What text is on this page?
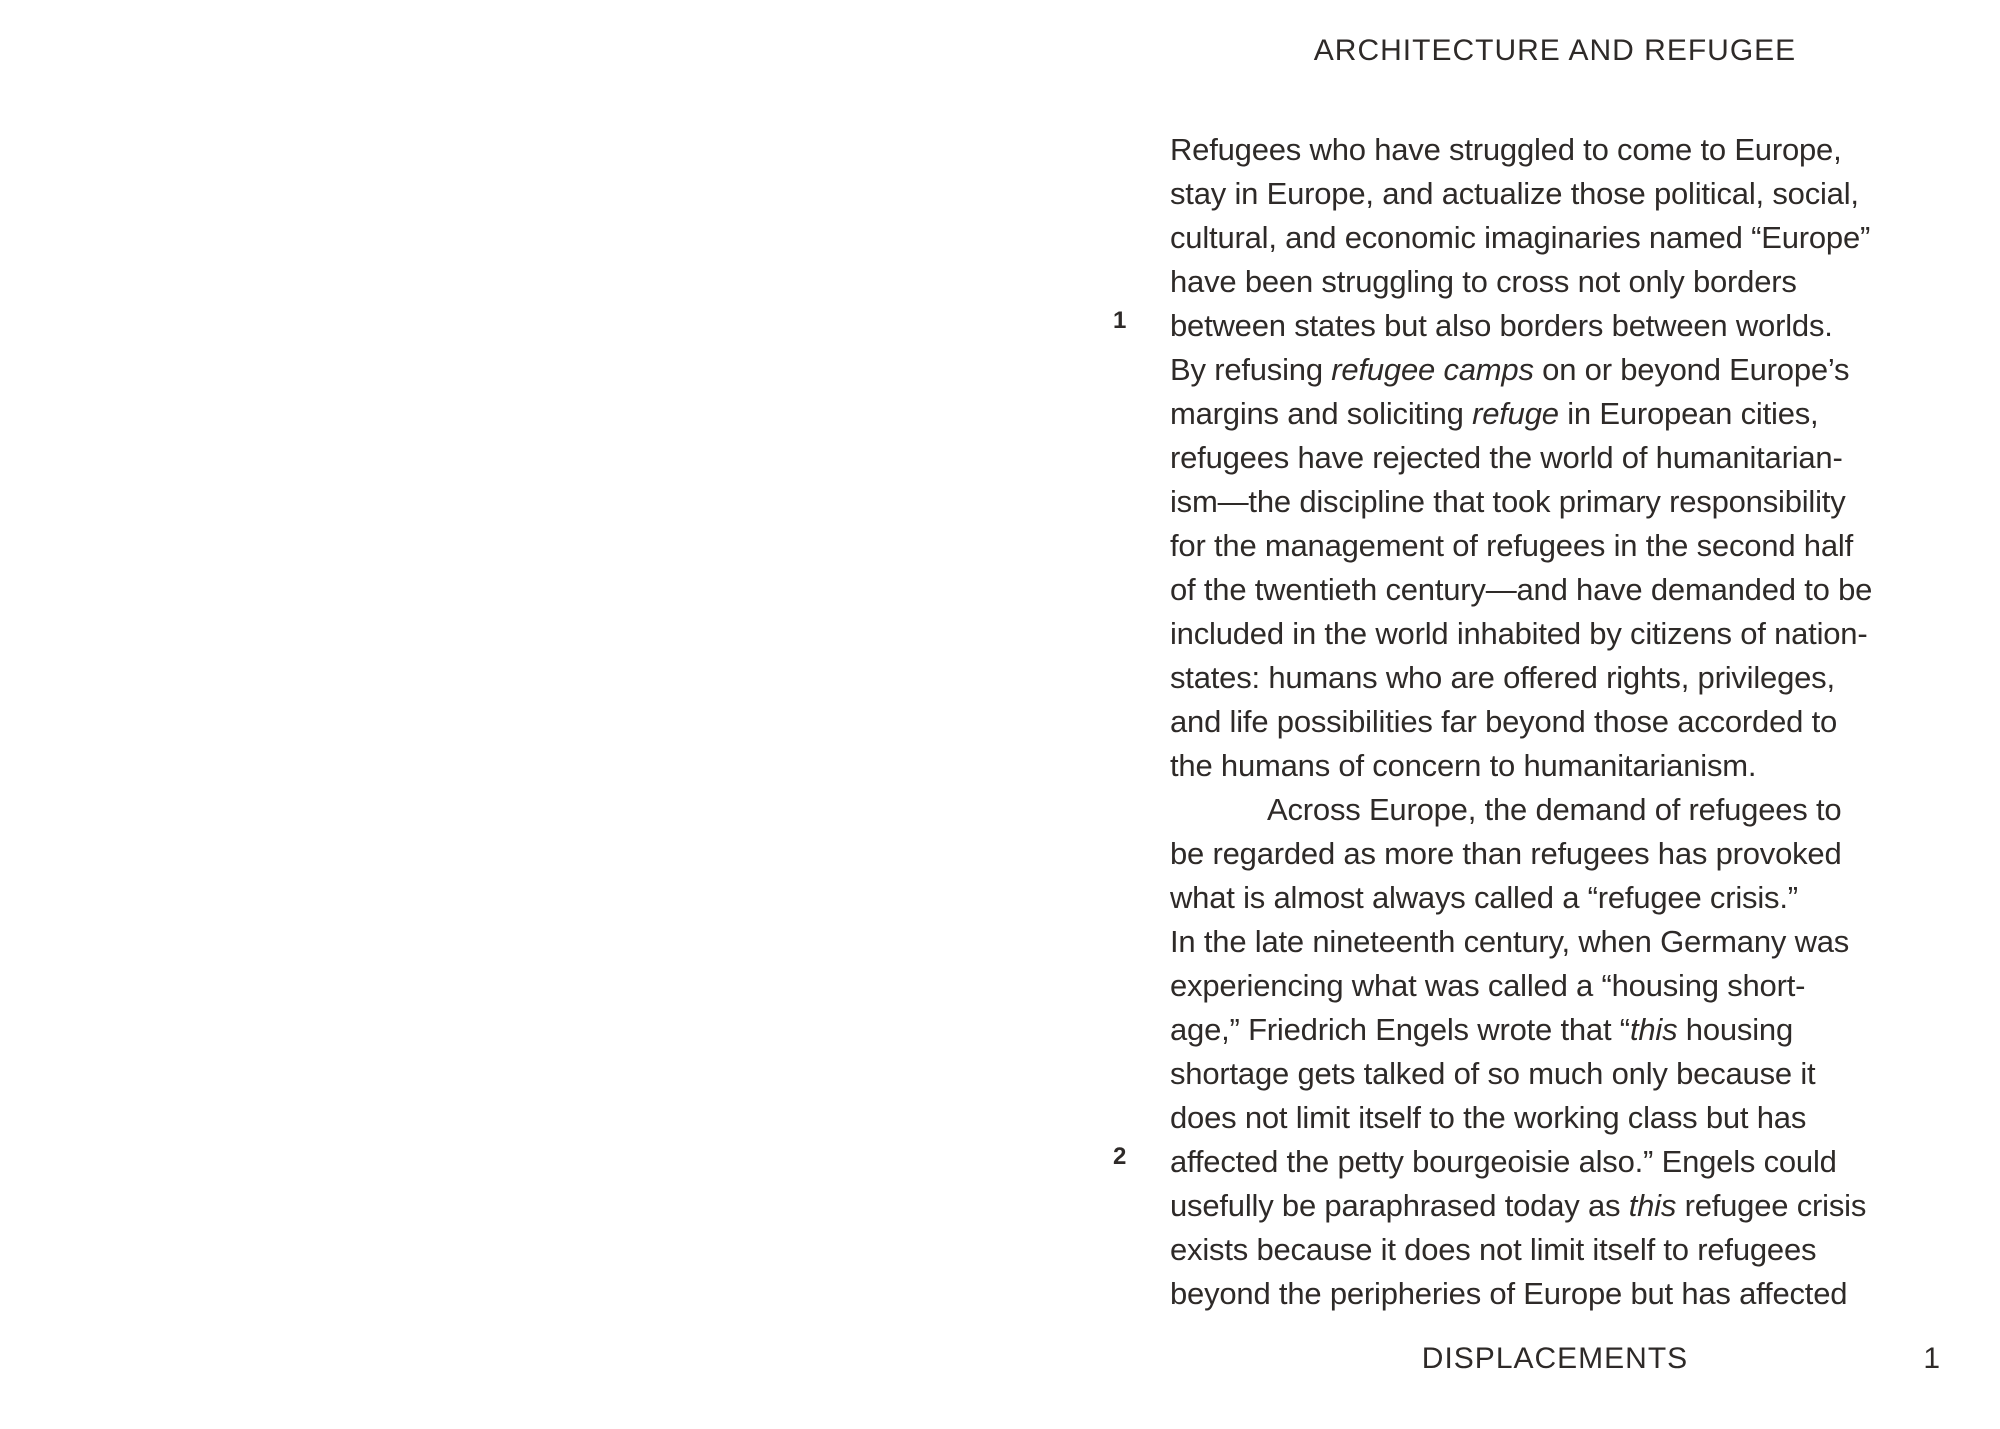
ARCHITECTURE AND REFUGEE
Refugees who have struggled to come to Europe,
stay in Europe, and actualize those political, social,
cultural, and economic imaginaries named “Europe”
have been struggling to cross not only borders
1	between states but also borders between worlds.
By refusing refugee camps on or beyond Europe’s
margins and soliciting refuge in European cities,
refugees have rejected the world of humanitarian-
ism—the discipline that took primary responsibility
for the management of refugees in the second half
of the twentieth century—and have demanded to be
included in the world inhabited by citizens of nation-
states: humans who are offered rights, privileges,
and life possibilities far beyond those accorded to
the humans of concern to humanitarianism.
Across Europe, the demand of refugees to
be regarded as more than refugees has provoked
what is almost always called a “refugee crisis.”
In the late nineteenth century, when Germany was
experiencing what was called a “housing short-
age,” Friedrich Engels wrote that “this housing
shortage gets talked of so much only because it
does not limit itself to the working class but has
2	affected the petty bourgeoisie also.” Engels could
usefully be paraphrased today as this refugee crisis
exists because it does not limit itself to refugees
beyond the peripheries of Europe but has affected
DISPLACEMENTS	1
